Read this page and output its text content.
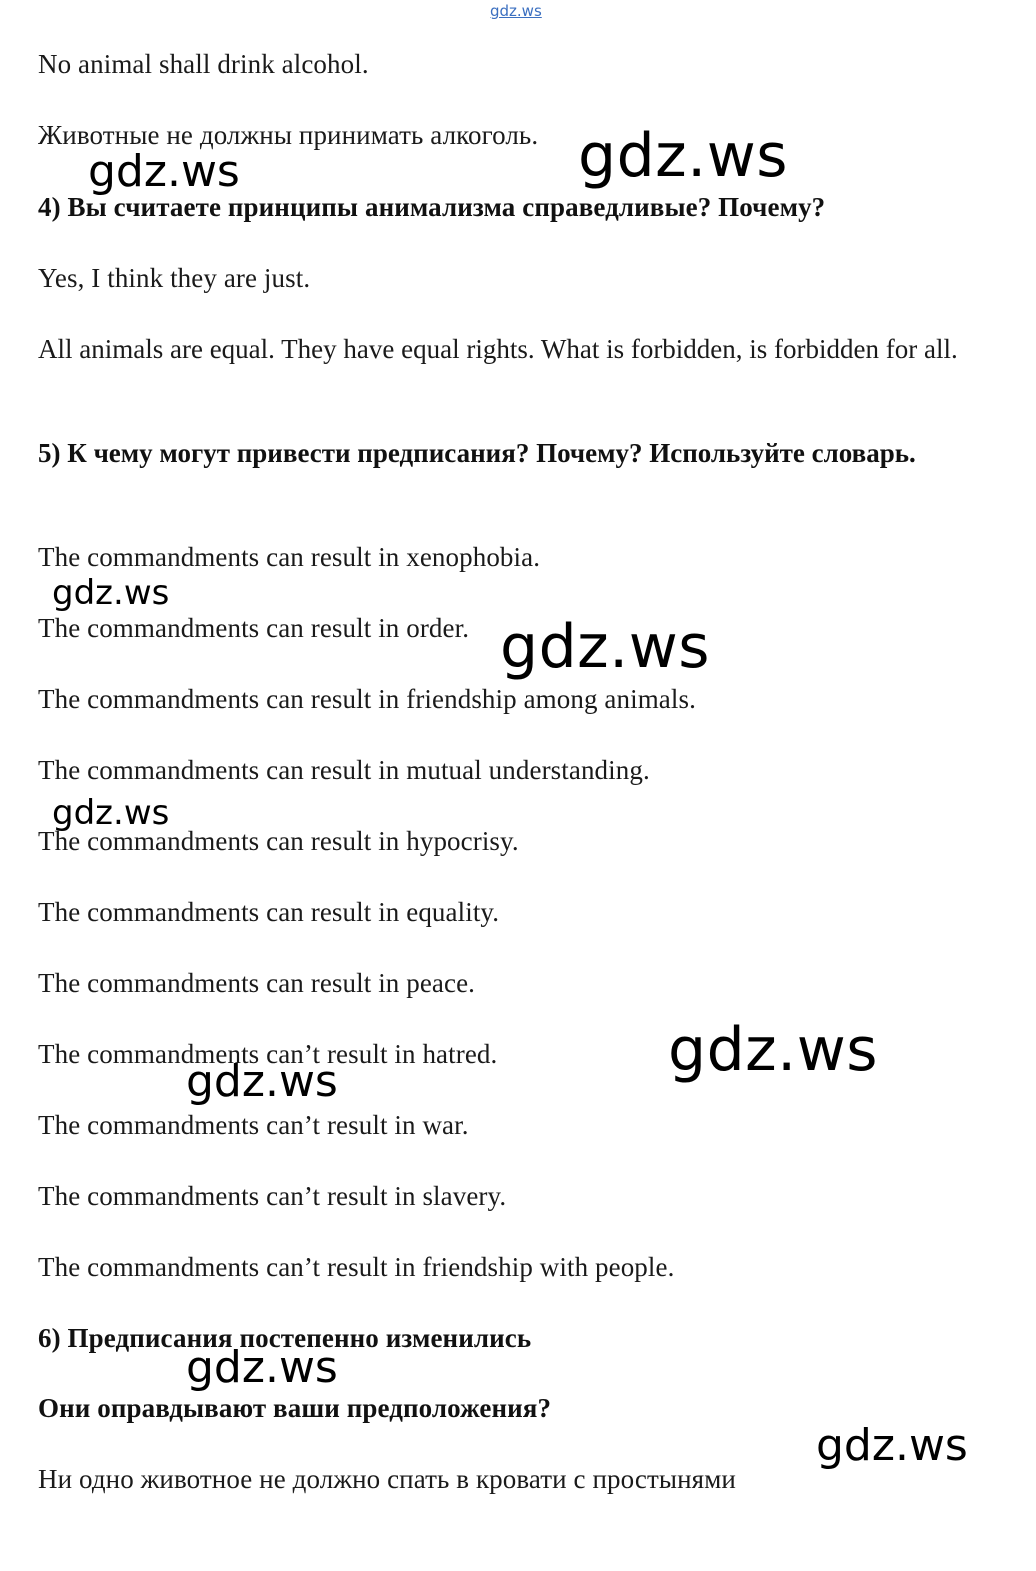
gdz.ws
No animal shall drink alcohol.
Животные не должны принимать алкоголь.
4) Вы считаете принципы анимализма справедливые? Почему?
Yes, I think they are just.
All animals are equal. They have equal rights. What is forbidden, is forbidden for all.
5) К чему могут привести предписания? Почему? Используйте словарь.
The commandments can result in xenophobia.
The commandments can result in order.
The commandments can result in friendship among animals.
The commandments can result in mutual understanding.
The commandments can result in hypocrisy.
The commandments can result in equality.
The commandments can result in peace.
The commandments can’t result in hatred.
The commandments can’t result in war.
The commandments can’t result in slavery.
The commandments can’t result in friendship with people.
6) Предписания постепенно изменились
Они оправдывают ваши предположения?
Ни одно животное не должно спать в кровати с простынями
gdz.ws	gdz.ws
gdz.ws
gdz.ws
gdz.ws
gdz.ws
gdz.ws
gdz.ws
gdz.ws
